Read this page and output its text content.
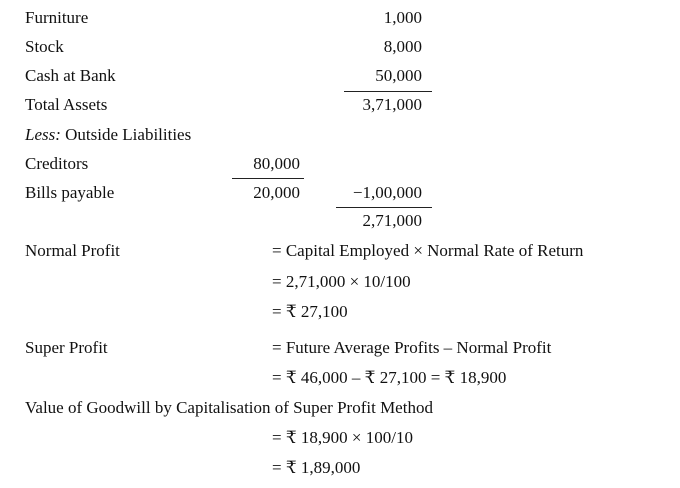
Furniture	1,000
Stock	8,000
Cash at Bank	50,000
Total Assets	3,71,000
Less: Outside Liabilities
Creditors	80,000
Bills payable	20,000	−1,00,000
2,71,000
Normal Profit	= Capital Employed × Normal Rate of Return
= 2,71,000 × 10/100
= ₹ 27,100
Super Profit	= Future Average Profits – Normal Profit
= ₹ 46,000 – ₹ 27,100 = ₹ 18,900
Value of Goodwill by Capitalisation of Super Profit Method
= ₹ 18,900 × 100/10
= ₹ 1,89,000
